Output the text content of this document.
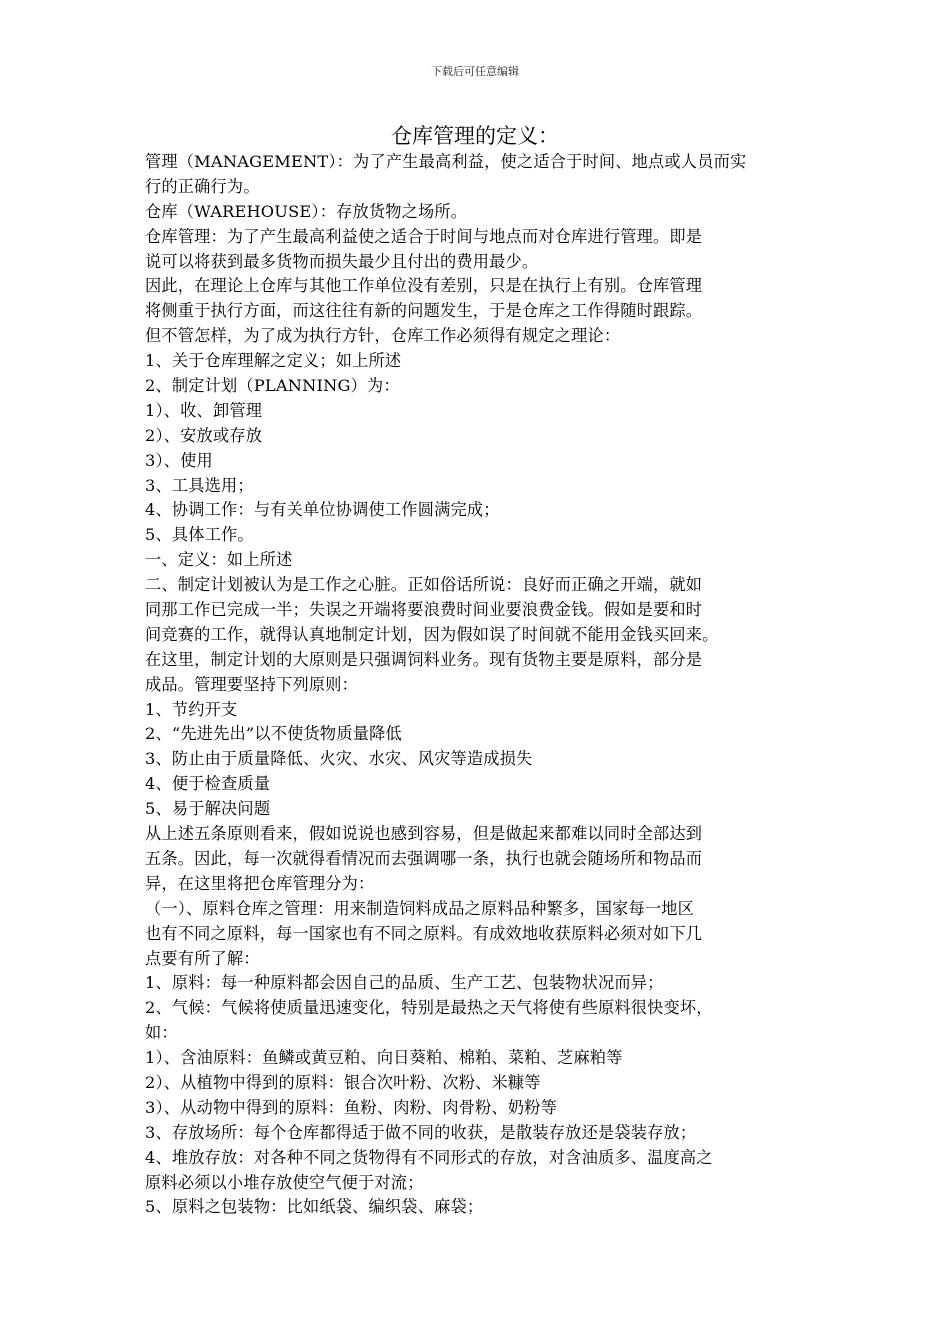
下载后可任意编辑
仓库管理的定义：
管理（MANAGEMENT）：为了产生最高利益，使之适合于时间、地点或人员而实
行的正确行为。
仓库（WAREHOUSE）：存放货物之场所。
仓库管理：为了产生最高利益使之适合于时间与地点而对仓库进行管理。即是
说可以将获到最多货物而损失最少且付出的费用最少。
因此，在理论上仓库与其他工作单位没有差别，只是在执行上有别。仓库管理
将侧重于执行方面，而这往往有新的问题发生，于是仓库之工作得随时跟踪。
但不管怎样，为了成为执行方针，仓库工作必须得有规定之理论：
1、关于仓库理解之定义；如上所述
2、制定计划（PLANNING）为：
1）、收、卸管理
2）、安放或存放
3）、使用
3、工具选用；
4、协调工作：与有关单位协调使工作圆满完成；
5、具体工作。
一、定义：如上所述
二、制定计划被认为是工作之心脏。正如俗话所说：良好而正确之开端，就如
同那工作已完成一半；失误之开端将要浪费时间业要浪费金钱。假如是要和时
间竞赛的工作，就得认真地制定计划，因为假如误了时间就不能用金钱买回来。
在这里，制定计划的大原则是只强调饲料业务。现有货物主要是原料，部分是
成品。管理要坚持下列原则：
1、节约开支
2、“先进先出”以不使货物质量降低
3、防止由于质量降低、火灾、水灾、风灾等造成损失
4、便于检查质量
5、易于解决问题
从上述五条原则看来，假如说说也感到容易，但是做起来都难以同时全部达到
五条。因此，每一次就得看情况而去强调哪一条，执行也就会随场所和物品而
异，在这里将把仓库管理分为：
（一）、原料仓库之管理：用来制造饲料成品之原料品种繁多，国家每一地区
也有不同之原料，每一国家也有不同之原料。有成效地收获原料必须对如下几
点要有所了解：
1、原料：每一种原料都会因自己的品质、生产工艺、包装物状况而异；
2、气候：气候将使质量迅速变化，特别是最热之天气将使有些原料很快变坏，
如：
1）、含油原料：鱼鳞或黄豆粕、向日葵粕、棉粕、菜粕、芝麻粕等
2）、从植物中得到的原料：银合次叶粉、次粉、米糠等
3）、从动物中得到的原料：鱼粉、肉粉、肉骨粉、奶粉等
3、存放场所：每个仓库都得适于做不同的收获，是散装存放还是袋装存放；
4、堆放存放：对各种不同之货物得有不同形式的存放，对含油质多、温度高之
原料必须以小堆存放使空气便于对流；
5、原料之包装物：比如纸袋、编织袋、麻袋；
